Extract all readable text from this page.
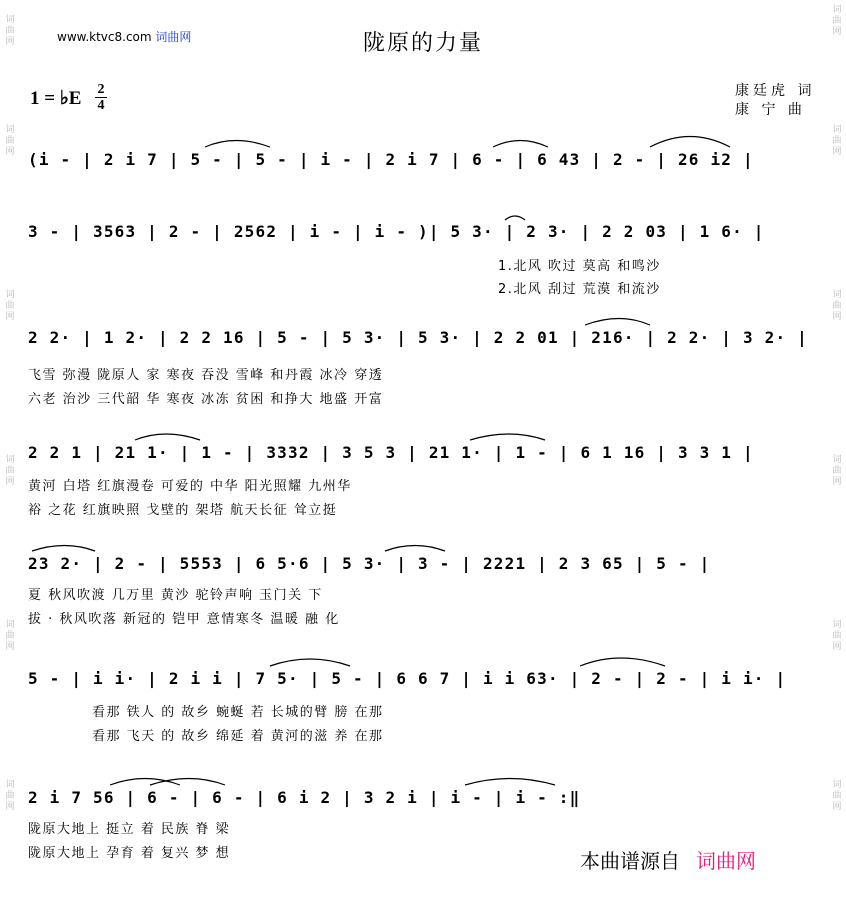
www.ktvc8.com 词曲网	陇原的力量
1 = ♭E 2
4
康廷虎 词
康 宁 曲
(i - | 2 i 7 | 5 - | 5 - | i - | 2 i 7 | 6 - | 6 43 | 2 - | 26 i2 |
3 - | 3563 | 2 - | 2562 | i - | i - )| 5 3· | 2 3· | 2 2 03 | 1 6· |
1.北风 吹过 莫高 和鸣沙
2.北风 刮过 荒漠 和流沙
2 2· | 1 2· | 2 2 16 | 5 - | 5 3· | 5 3· | 2 2 01 | 216· | 2 2· | 3 2· |
飞雪 弥漫 陇原人 家 寒夜 吞没 雪峰 和丹霞 冰冷 穿透
六老 治沙 三代韶 华 寒夜 冰冻 贫困 和挣大 地盛 开富
2 2 1 | 21 1· | 1 - | 3332 | 3 5 3 | 21 1· | 1 - | 6 1 16 | 3 3 1 |
黄河 白塔 红旗漫卷 可爱的 中华 阳光照耀 九州华
裕 之花 红旗映照 戈壁的 架塔 航天长征 耸立挺
23 2· | 2 - | 5553 | 6 5·6 | 5 3· | 3 - | 2221 | 2 3 65 | 5 - |
夏 秋风吹渡 几万里 黄沙 驼铃声响 玉门关 下
拔 · 秋风吹落 新冠的 铠甲 意情寒冬 温暖 融 化
5 - | i i· | 2 i i | 7 5· | 5 - | 6 6 7 | i i 63· | 2 - | 2 - | i i· |
看那 铁人 的 故乡 蜿蜒 若 长城的臂 膀 在那
看那 飞天 的 故乡 绵延 着 黄河的滋 养 在那
2 i 7 56 | 6 - | 6 - | 6 i 2 | 3 2 i | i - | i - :‖
陇原大地上 挺立 着 民族 脊 梁
陇原大地上 孕育 着 复兴 梦 想
词
曲
网
词
曲
网
词
曲
网
词
曲
网
词
曲
网
词
曲
网
词
曲
网
词
曲
网
词
曲
网
词
曲
网
词
曲
网
词
曲
网
本曲谱源自 词曲网
